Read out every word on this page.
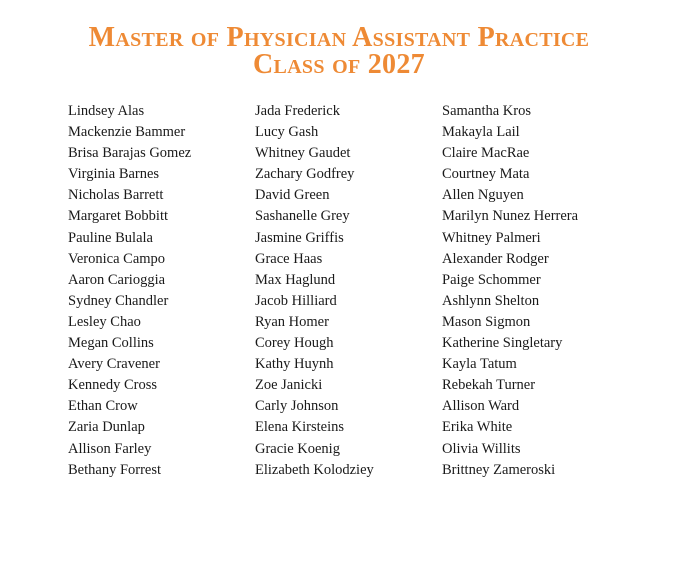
Master of Physician Assistant Practice
Class of 2027
Lindsey Alas
Mackenzie Bammer
Brisa Barajas Gomez
Virginia Barnes
Nicholas Barrett
Margaret Bobbitt
Pauline Bulala
Veronica Campo
Aaron Carioggia
Sydney Chandler
Lesley Chao
Megan Collins
Avery Cravener
Kennedy Cross
Ethan Crow
Zaria Dunlap
Allison Farley
Bethany Forrest
Jada Frederick
Lucy Gash
Whitney Gaudet
Zachary Godfrey
David Green
Sashanelle Grey
Jasmine Griffis
Grace Haas
Max Haglund
Jacob Hilliard
Ryan Homer
Corey Hough
Kathy Huynh
Zoe Janicki
Carly Johnson
Elena Kirsteins
Gracie Koenig
Elizabeth Kolodziey
Samantha Kros
Makayla Lail
Claire MacRae
Courtney Mata
Allen Nguyen
Marilyn Nunez Herrera
Whitney Palmeri
Alexander Rodger
Paige Schommer
Ashlynn Shelton
Mason Sigmon
Katherine Singletary
Kayla Tatum
Rebekah Turner
Allison Ward
Erika White
Olivia Willits
Brittney Zameroski
